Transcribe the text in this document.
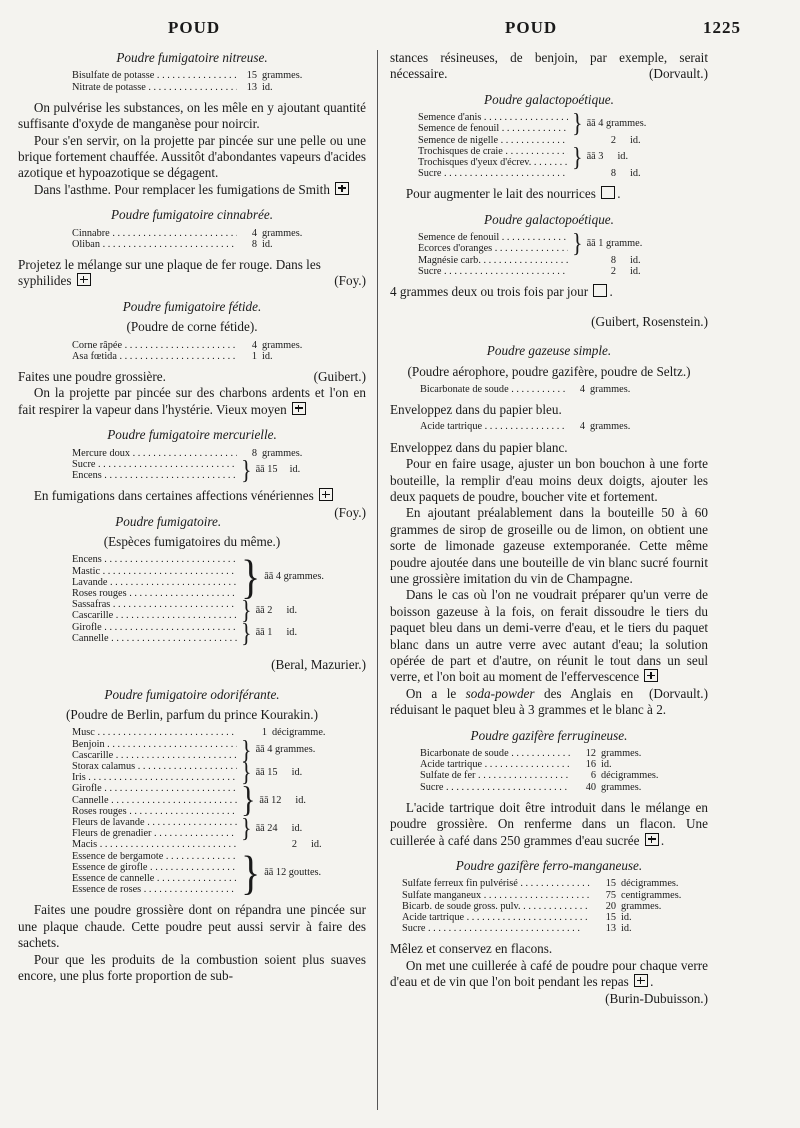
POUD	POUD	1225
Poudre fumigatoire nitreuse.
Bisulfate de potasse . . .	15 grammes.
Nitrate de potasse . . .	13 id.

On pulvérise les substances, on les mêle en y ajoutant quantité suffisante d'oxyde de manganèse pour noircir.

Pour s'en servir, on la projette par pincée sur une pelle ou une brique fortement chauffée. Aussitôt d'abondantes vapeurs d'acides azotique et hypoazotique se dégagent.

Dans l'asthme. Pour remplacer les fumigations de Smith

Poudre fumigatoire cinnabrée.
Cinnabre . . .	4 grammes.
Oliban . . .	8 id.

Projetez le mélange sur une plaque de fer rouge. Dans les syphilides	(Foy.)

Poudre fumigatoire fétide.
(Poudre de corne fétide).
Corne râpée . . .	4 grammes.
Asa fœtida . . .	1 id.

Faites une poudre grossière.	(Guibert.)

On la projette par pincée sur des charbons ardents et l'on en fait respirer la vapeur dans l'hystérie. Vieux moyen

Poudre fumigatoire mercurielle.
Mercure doux . . .	8 grammes.
Sucre . . .
Encens . . .	} āā 15 id.

En fumigations dans certaines affections vénériennes
(Foy.)

Poudre fumigatoire.
(Espèces fumigatoires du même.)
Encens . . .
Mastic . . .
Lavande . . .
Roses rouges . . .	} āā 4 grammes.
Sassafras . . .
Cascarille . . .	} āā 2 id.
Girofle . . .
Cannelle . . .	} āā 1 id.

(Beral, Mazurier.)

Poudre fumigatoire odoriférante.
(Poudre de Berlin, parfum du prince Kourakin.)
Musc . . .	1 décigramme.
Benjoin . . .
Cascarille . . .	} āā 4 grammes.
Storax calamus . . .
Iris . . .	} āā 15 id.
Girofle . . .
Cannelle . . .
Roses rouges . . .	} āā 12 id.
Fleurs de lavande . . .
Fleurs de grenadier . . .	} āā 24 id.
Macis . . .	2 id.
Essence de bergamote . . .
Essence de girofle . . .
Essence de cannelle . . .
Essence de roses . . .	} āā 12 gouttes.

Faites une poudre grossière dont on répandra une pincée sur une plaque chaude. Cette poudre peut aussi servir à faire des sachets.

Pour que les produits de la combustion soient plus suaves encore, une plus forte proportion de sub-

stances résineuses, de benjoin, par exemple, serait nécessaire.	(Dorvault.)

Poudre galactopoétique.
Semence d'anis . . .
Semence de fenouil . . .	} āā 4 grammes.
Semence de nigelle . . .	2 id.
Trochisques de craie . . .
Trochisques d'yeux d'écrev. . . .	} āā 3 id.
Sucre . . .	8 id.

Pour augmenter le lait des nourrices .

Poudre galactopoétique.
Semence de fenouil . . .
Écorces d'oranges . . .	} āā 1 gramme.
Magnésie carb. . . .	8 id.
Sucre . . .	2 id.

4 grammes deux ou trois fois par jour .

(Guibert, Rosenstein.)

Poudre gazeuse simple.
(Poudre aérophore, poudre gazifère, poudre de Seltz.)
Bicarbonate de soude . . .	4 grammes.

Enveloppez dans du papier bleu.

Acide tartrique . . .	4 grammes.

Enveloppez dans du papier blanc.

Pour en faire usage, ajuster un bon bouchon à une forte bouteille, la remplir d'eau moins deux doigts, ajouter les deux paquets de poudre, boucher vite et fortement.

En ajoutant préalablement dans la bouteille 50 à 60 grammes de sirop de groseille ou de limon, on obtient une sorte de limonade gazeuse extemporanée. Cette même poudre ajoutée dans une bouteille de vin blanc sucré fournit une grossière imitation du vin de Champagne.

Dans le cas où l'on ne voudrait préparer qu'un verre de boisson gazeuse à la fois, on ferait dissoudre le tiers du paquet bleu dans un demi-verre d'eau, et le tiers du paquet blanc dans un autre verre avec autant d'eau; la solution opérée de part et d'autre, on réunit le tout dans un seul verre, et l'on boit au moment de l'effervescence
(Dorvault.)

On a le soda-powder des Anglais en réduisant le paquet bleu à 3 grammes et le blanc à 2.

Poudre gazifère ferrugineuse.
Bicarbonate de soude . . .	12 grammes.
Acide tartrique . . .	16 id.
Sulfate de fer . . .	6 décigrammes.
Sucre . . .	40 grammes.

L'acide tartrique doit être introduit dans le mélange en poudre grossière. On renferme dans un flacon. Une cuillerée à café dans 250 grammes d'eau sucrée .

Poudre gazifère ferro-manganeuse.
Sulfate ferreux fin pulvérisé . . .	15 décigrammes.
Sulfate manganeux . . .	75 centigrammes.
Bicarb. de soude gross. pulv. . . .	20 grammes.
Acide tartrique . . .	15 id.
Sucre . . .	13 id.

Mêlez et conservez en flacons.

On met une cuillerée à café de poudre pour chaque verre d'eau et de vin que l'on boit pendant les repas .
(Burin-Dubuisson.)
